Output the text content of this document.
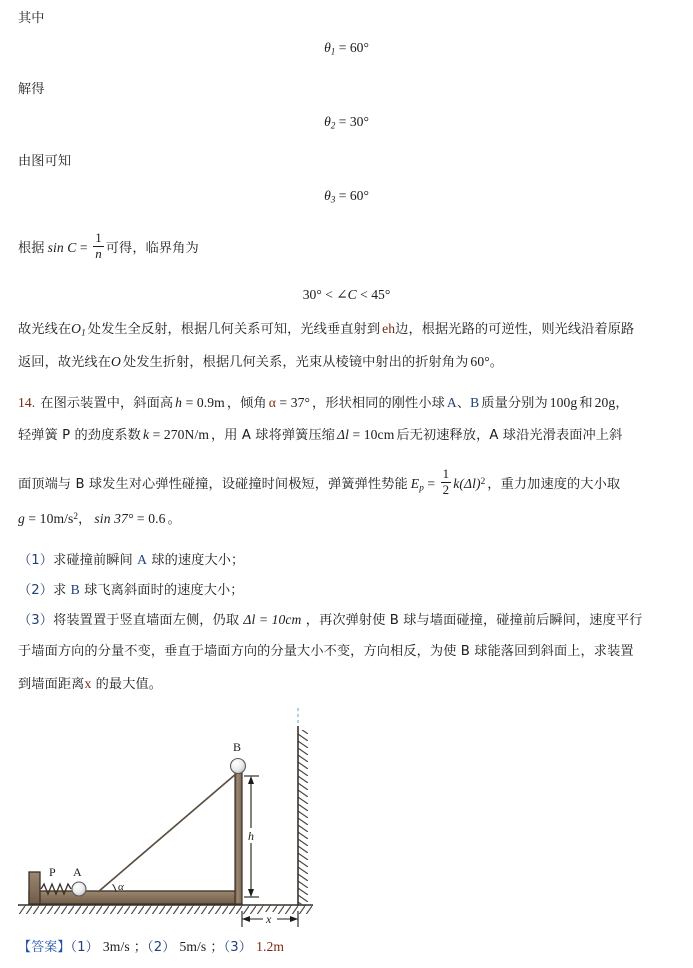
其中
$\theta_1 = 60^\circ$
解得
$\theta_2 = 30^\circ$
由图可知
$\theta_3 = 60^\circ$
根据 $\sin C = \frac{1}{n}$ 可得，临界角为
30° < ∠C < 45°
故光线在$O_1$ 处发生全反射，根据几何关系可知，光线垂直射到 eh边，根据光路的可逆性，则光线沿着原路
返回，故光线在O 处发生折射，根据几何关系，光束从棱镜中射出的折射角为 60°。
14. 在图示装置中，斜面高 h = 0.9m ，倾角 α = 37° ，形状相同的刚性小球 A、B 质量分别为 100g 和 20g，
轻弹簧 P 的劲度系数 k = 270N/m ，用 A 球将弹簧压缩 Δl = 10cm 后无初速释放，A 球沿光滑表面冲上斜
面顶端与 B 球发生对心弹性碰撞，设碰撞时间极短，弹簧弹性势能 $E_p = \frac{1}{2} k(\Delta l)^2$ ，重力加速度的大小取
$g = 10m/s^2$， sin 37° = 0.6 。
（1）求碰撞前瞬间 A 球的速度大小；
（2）求 B 球飞离斜面时的速度大小；
（3）将装置置于竖直墙面左侧，仍取 Δl = 10cm ，再次弹射使 B 球与墙面碰撞，碰撞前后瞬间，速度平行
于墙面方向的分量不变，垂直于墙面方向的分量大小不变，方向相反，为使 B 球能落回到斜面上，求装置
到墙面距离x 的最大值。
α
P A
B
h
x
【答案】（1） 3m/s ；（2） 5m/s ；（3） 1.2m
